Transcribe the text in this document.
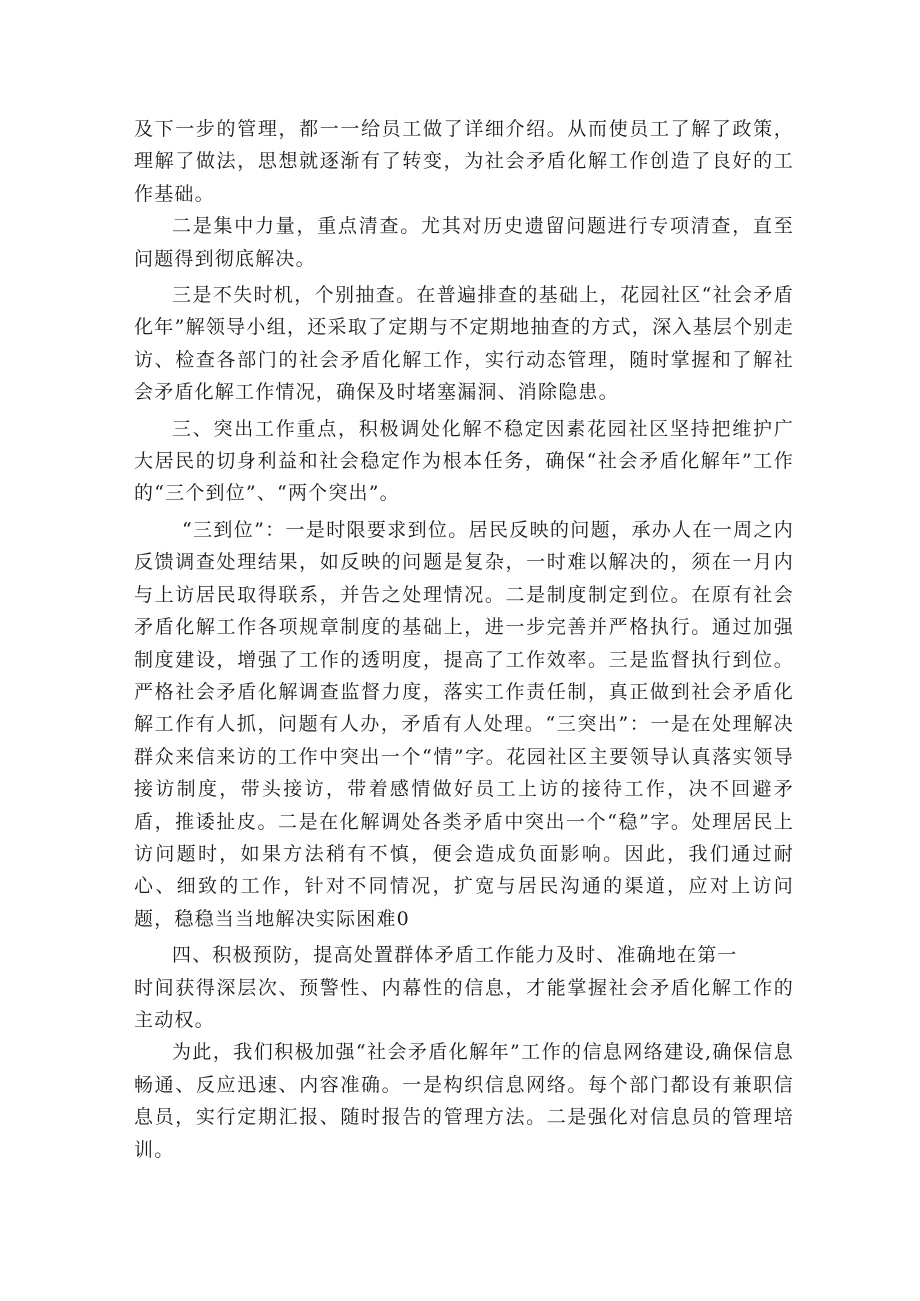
及下一步的管理，都一一给员工做了详细介绍。从而使员工了解了政策，理解了做法，思想就逐渐有了转变，为社会矛盾化解工作创造了良好的工作基础。

二是集中力量，重点清查。尤其对历史遗留问题进行专项清查，直至问题得到彻底解决。

三是不失时机，个别抽查。在普遍排查的基础上，花园社区“社会矛盾化年”解领导小组，还采取了定期与不定期地抽查的方式，深入基层个别走访、检查各部门的社会矛盾化解工作，实行动态管理，随时掌握和了解社会矛盾化解工作情况，确保及时堵塞漏洞、消除隐患。

三、突出工作重点，积极调处化解不稳定因素花园社区坚持把维护广大居民的切身利益和社会稳定作为根本任务，确保“社会矛盾化解年”工作的“三个到位”、“两个突出”。

“三到位”：一是时限要求到位。居民反映的问题，承办人在一周之内反馈调查处理结果，如反映的问题是复杂，一时难以解决的，须在一月内与上访居民取得联系，并告之处理情况。二是制度制定到位。在原有社会矛盾化解工作各项规章制度的基础上，进一步完善并严格执行。通过加强制度建设，增强了工作的透明度，提高了工作效率。三是监督执行到位。严格社会矛盾化解调查监督力度，落实工作责任制，真正做到社会矛盾化解工作有人抓，问题有人办，矛盾有人处理。“三突出”：一是在处理解决群众来信来访的工作中突出一个“情”字。花园社区主要领导认真落实领导接访制度，带头接访，带着感情做好员工上访的接待工作，决不回避矛盾，推诿扯皮。二是在化解调处各类矛盾中突出一个“稳”字。处理居民上访问题时，如果方法稍有不慎，便会造成负面影响。因此，我们通过耐心、细致的工作，针对不同情况，扩宽与居民沟通的渠道，应对上访问题，稳稳当当地解决实际困难0

四、积极预防，提高处置群体矛盾工作能力及时、准确地在第一

时间获得深层次、预警性、内幕性的信息，才能掌握社会矛盾化解工作的主动权。

为此，我们积极加强“社会矛盾化解年”工作的信息网络建设,确保信息畅通、反应迅速、内容准确。一是构织信息网络。每个部门都设有兼职信息员，实行定期汇报、随时报告的管理方法。二是强化对信息员的管理培训。
